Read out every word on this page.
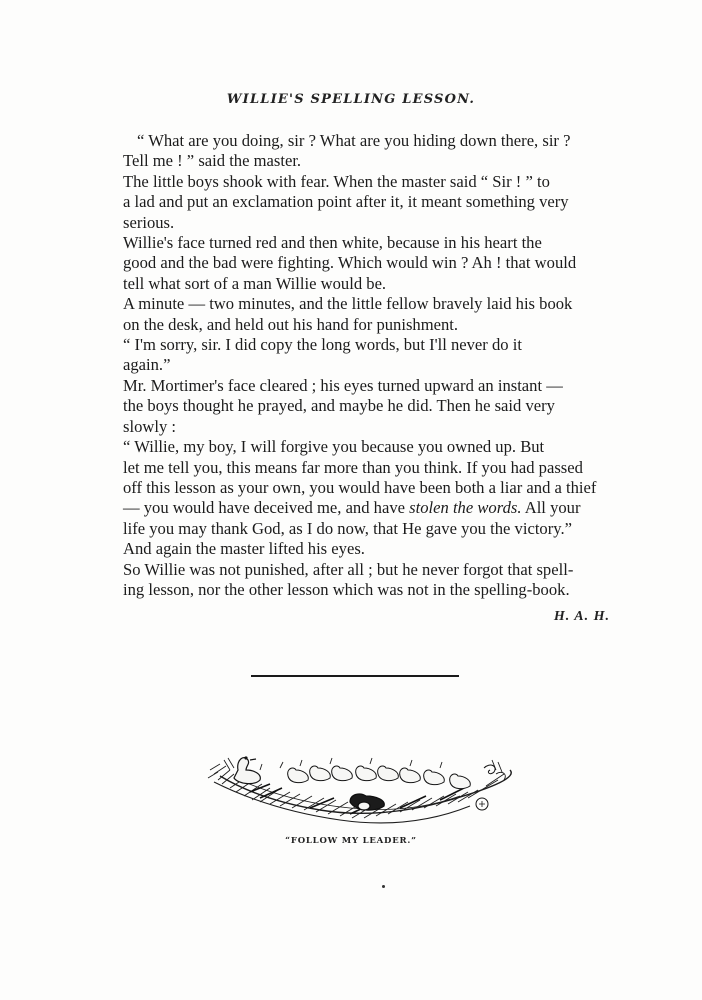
WILLIE'S SPELLING LESSON.

“ What are you doing, sir ? What are you hiding down there, sir ?
Tell me ! ” said the master.

The little boys shook with fear. When the master said “ Sir ! ” to
a lad and put an exclamation point after it, it meant something very
serious.

Willie's face turned red and then white, because in his heart the
good and the bad were fighting. Which would win ? Ah ! that would
tell what sort of a man Willie would be.

A minute — two minutes, and the little fellow bravely laid his book
on the desk, and held out his hand for punishment.

“ I'm sorry, sir. I did copy the long words, but I'll never do it
again.”

Mr. Mortimer's face cleared ; his eyes turned upward an instant —
the boys thought he prayed, and maybe he did. Then he said very
slowly :

“ Willie, my boy, I will forgive you because you owned up. But
let me tell you, this means far more than you think. If you had passed
off this lesson as your own, you would have been both a liar and a thief
— you would have deceived me, and have stolen the words. All your
life you may thank God, as I do now, that He gave you the victory.”
And again the master lifted his eyes.

So Willie was not punished, after all ; but he never forgot that spell-
ing lesson, nor the other lesson which was not in the spelling-book.

H. A. H.
“FOLLOW MY LEADER.”
